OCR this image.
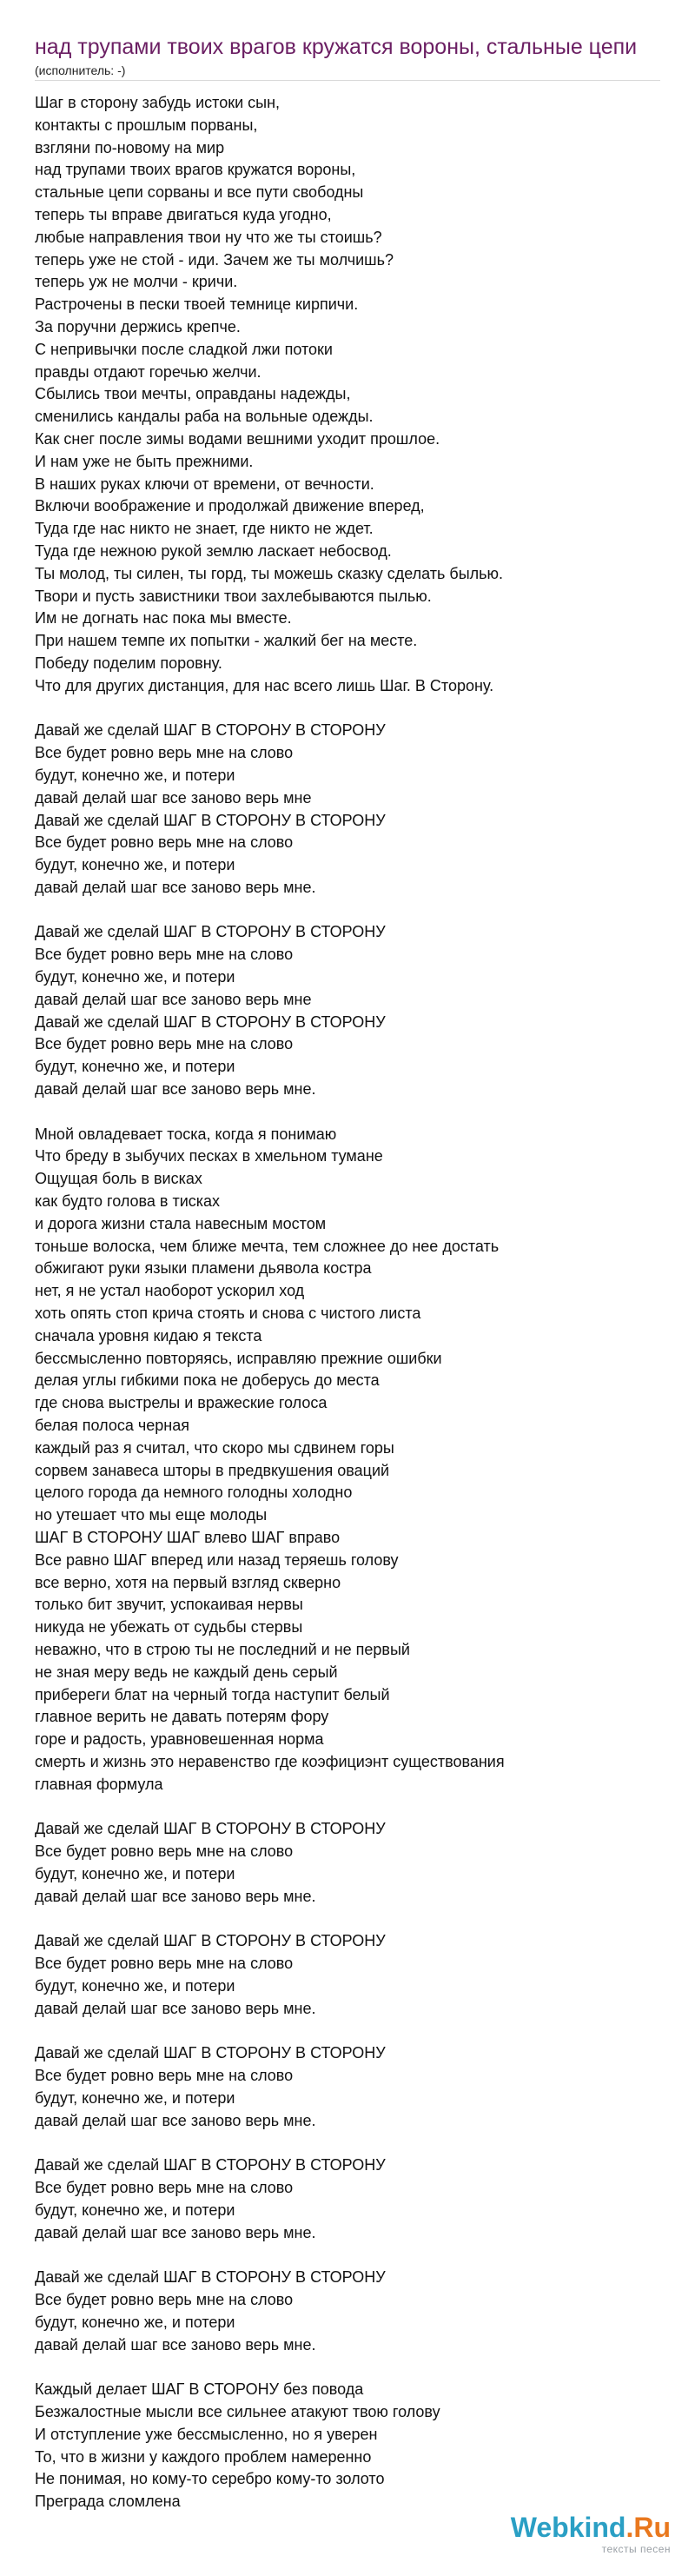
над трупами твоих врагов кружатся вороны, стальные цепи
(исполнитель: -)
Шаг в сторону забудь истоки сын,
контакты с прошлым порваны,
взгляни по-новому на мир
над трупами твоих врагов кружатся вороны,
стальные цепи сорваны и все пути свободны
теперь ты вправе двигаться куда угодно,
любые направления твои ну что же ты стоишь?
теперь уже не стой - иди. Зачем же ты молчишь?
теперь уж не молчи - кричи.
Растрочены в пески твоей темнице кирпичи.
За поручни держись крепче.
С непривычки после сладкой лжи потоки
правды отдают горечью желчи.
Сбылись твои мечты, оправданы надежды,
сменились кандалы раба на вольные одежды.
Как снег после зимы водами вешними уходит прошлое.
И нам уже не быть прежними.
В наших руках ключи от времени, от вечности.
Включи воображение и продолжай движение вперед,
Туда где нас никто не знает, где никто не ждет.
Туда где нежною рукой землю ласкает небосвод.
Ты молод, ты силен, ты горд, ты можешь сказку сделать былью.
Твори и пусть завистники твои захлебываются пылью.
Им не догнать нас пока мы вместе.
При нашем темпе их попытки - жалкий бег на месте.
Победу поделим поровну.
Что для других дистанция, для нас всего лишь Шаг. В Сторону.
Давай же сделай ШАГ В СТОРОНУ В СТОРОНУ
Все будет ровно верь мне на слово
будут, конечно же, и потери
давай делай шаг все заново верь мне
Давай же сделай ШАГ В СТОРОНУ В СТОРОНУ
Все будет ровно верь мне на слово
будут, конечно же, и потери
давай делай шаг все заново верь мне.
Давай же сделай ШАГ В СТОРОНУ В СТОРОНУ
Все будет ровно верь мне на слово
будут, конечно же, и потери
давай делай шаг все заново верь мне
Давай же сделай ШАГ В СТОРОНУ В СТОРОНУ
Все будет ровно верь мне на слово
будут, конечно же, и потери
давай делай шаг все заново верь мне.
Мной овладевает тоска, когда я понимаю
Что бреду в зыбучих песках в хмельном тумане
Ощущая боль в висках
как будто голова в тисках
и дорога жизни стала навесным мостом
тоньше волоска, чем ближе мечта, тем сложнее до нее достать
обжигают руки языки пламени дьявола костра
нет, я не устал наоборот ускорил ход
хоть опять стоп крича стоять и снова с чистого листа
сначала уровня кидаю я текста
бессмысленно повторяясь, исправляю прежние ошибки
делая углы гибкими пока не доберусь до места
где снова выстрелы и вражеские голоса
белая полоса черная
каждый раз я считал, что скоро мы сдвинем горы
сорвем занавеса шторы в предвкушения оваций
целого города да немного голодны холодно
но утешает что мы еще молоды
ШАГ В СТОРОНУ ШАГ влево ШАГ вправо
Все равно ШАГ вперед или назад теряешь голову
все верно, хотя на первый взгляд скверно
только бит звучит, успокаивая нервы
никуда не убежать от судьбы стервы
неважно, что в строю ты не последний и не первый
не зная меру ведь не каждый день серый
прибереги блат на черный тогда наступит белый
главное верить не давать потерям фору
горе и радость, уравновешенная норма
смерть и жизнь это неравенство где коэфициэнт существования
главная формула
Давай же сделай ШАГ В СТОРОНУ В СТОРОНУ
Все будет ровно верь мне на слово
будут, конечно же, и потери
давай делай шаг все заново верь мне.
Давай же сделай ШАГ В СТОРОНУ В СТОРОНУ
Все будет ровно верь мне на слово
будут, конечно же, и потери
давай делай шаг все заново верь мне.
Давай же сделай ШАГ В СТОРОНУ В СТОРОНУ
Все будет ровно верь мне на слово
будут, конечно же, и потери
давай делай шаг все заново верь мне.
Давай же сделай ШАГ В СТОРОНУ В СТОРОНУ
Все будет ровно верь мне на слово
будут, конечно же, и потери
давай делай шаг все заново верь мне.
Давай же сделай ШАГ В СТОРОНУ В СТОРОНУ
Все будет ровно верь мне на слово
будут, конечно же, и потери
давай делай шаг все заново верь мне.
Каждый делает ШАГ В СТОРОНУ без повода
Безжалостные мысли все сильнее атакуют твою голову
И отступление уже бессмысленно, но я уверен
То, что в жизни у каждого проблем намеренно
Не понимая, но кому-то серебро кому-то золото
Преграда сломлена
Webkind.Ru
тексты песен
